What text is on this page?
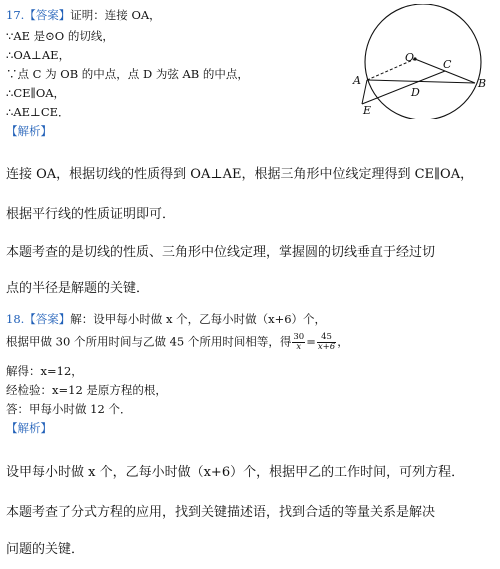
17.【答案】证明：连接 OA，
∵AE 是⊙O 的切线，
∴OA⊥AE，
∵点 C 为 OB 的中点，点 D 为弦 AB 的中点，
∴CE∥OA，
∴AE⊥CE．
【解析】
O
C
A	B
D
E
连接 OA，根据切线的性质得到 OA⊥AE，根据三角形中位线定理得到 CE∥OA，
根据平行线的性质证明即可．
本题考查的是切线的性质、三角形中位线定理，掌握圆的切线垂直于经过切
点的半径是解题的关键．
18.【答案】解：设甲每小时做 x 个，乙每小时做（x+6）个，
根据甲做 30 个所用时间与乙做 45 个所用时间相等，得 $\frac{30}{x} = \frac{45}{x+6}$ ，
解得：x=12，
经检验：x=12 是原方程的根，
答：甲每小时做 12 个．
【解析】
设甲每小时做 x 个，乙每小时做（x+6）个，根据甲乙的工作时间，可列方程．
本题考查了分式方程的应用，找到关键描述语，找到合适的等量关系是解决
问题的关键．
